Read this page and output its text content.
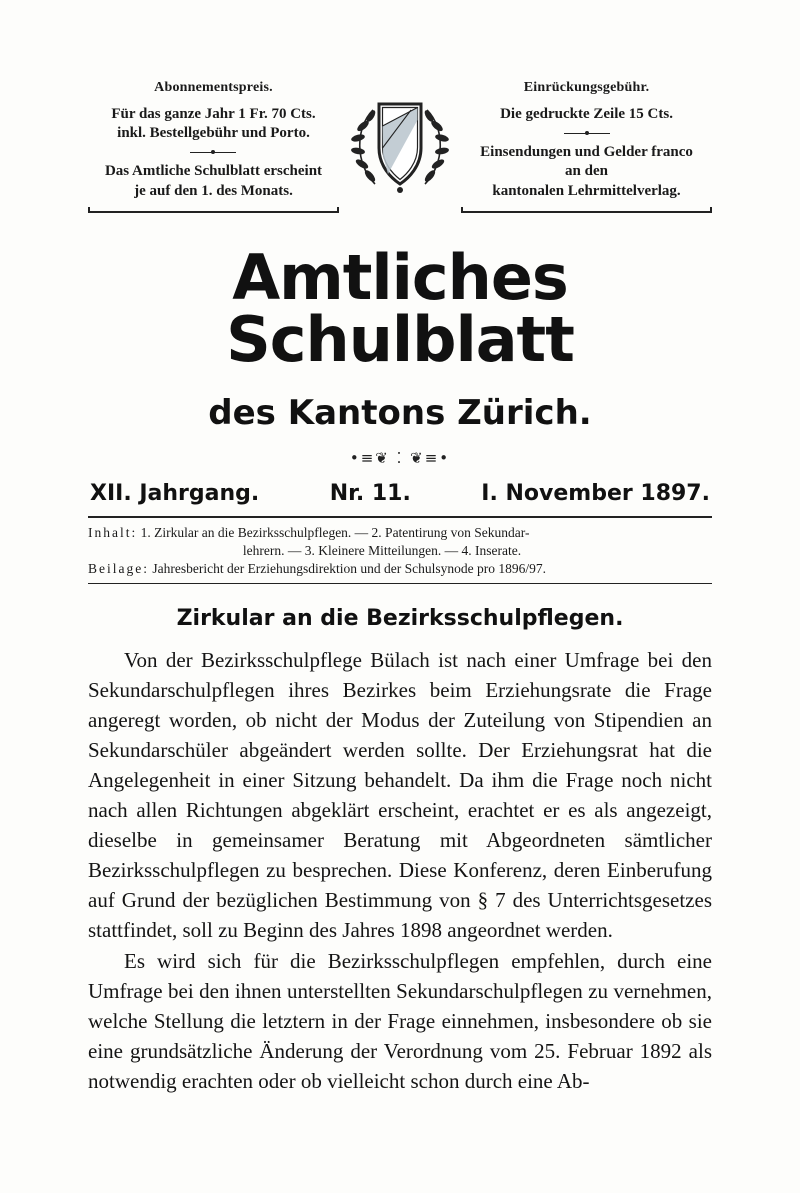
Abonnementspreis.
Für das ganze Jahr 1 Fr. 70 Cts.
inkl. Bestellgebühr und Porto.
Das Amtliche Schulblatt erscheint
je auf den 1. des Monats.
Einrückungsgebühr.
Die gedruckte Zeile 15 Cts.
Einsendungen und Gelder franco
an den
kantonalen Lehrmittelverlag.
Amtliches Schulblatt
des Kantons Zürich.
•≡❦ ⁚ ❦≡•
XII. Jahrgang.	Nr. 11.	I. November 1897.
Inhalt: 1. Zirkular an die Bezirksschulpflegen. — 2. Patentirung von Sekundar-
lehrern. — 3. Kleinere Mitteilungen. — 4. Inserate.
Beilage: Jahresbericht der Erziehungsdirektion und der Schulsynode pro 1896/97.
Zirkular an die Bezirksschulpflegen.

Von der Bezirksschulpflege Bülach ist nach einer Umfrage bei den Sekundarschulpflegen ihres Bezirkes beim Erziehungsrate die Frage angeregt worden, ob nicht der Modus der Zuteilung von Stipendien an Sekundarschüler abgeändert werden sollte. Der Erziehungsrat hat die Angelegenheit in einer Sitzung behandelt. Da ihm die Frage noch nicht nach allen Richtungen abgeklärt erscheint, erachtet er es als angezeigt, dieselbe in gemeinsamer Beratung mit Abgeordneten sämtlicher Bezirksschulpflegen zu besprechen. Diese Konferenz, deren Einberufung auf Grund der bezüglichen Bestimmung von § 7 des Unterrichtsgesetzes stattfindet, soll zu Beginn des Jahres 1898 angeordnet werden.

Es wird sich für die Bezirksschulpflegen empfehlen, durch eine Umfrage bei den ihnen unterstellten Sekundarschulpflegen zu vernehmen, welche Stellung die letztern in der Frage einnehmen, insbesondere ob sie eine grundsätzliche Änderung der Verordnung vom 25. Februar 1892 als notwendig erachten oder ob vielleicht schon durch eine Ab-
